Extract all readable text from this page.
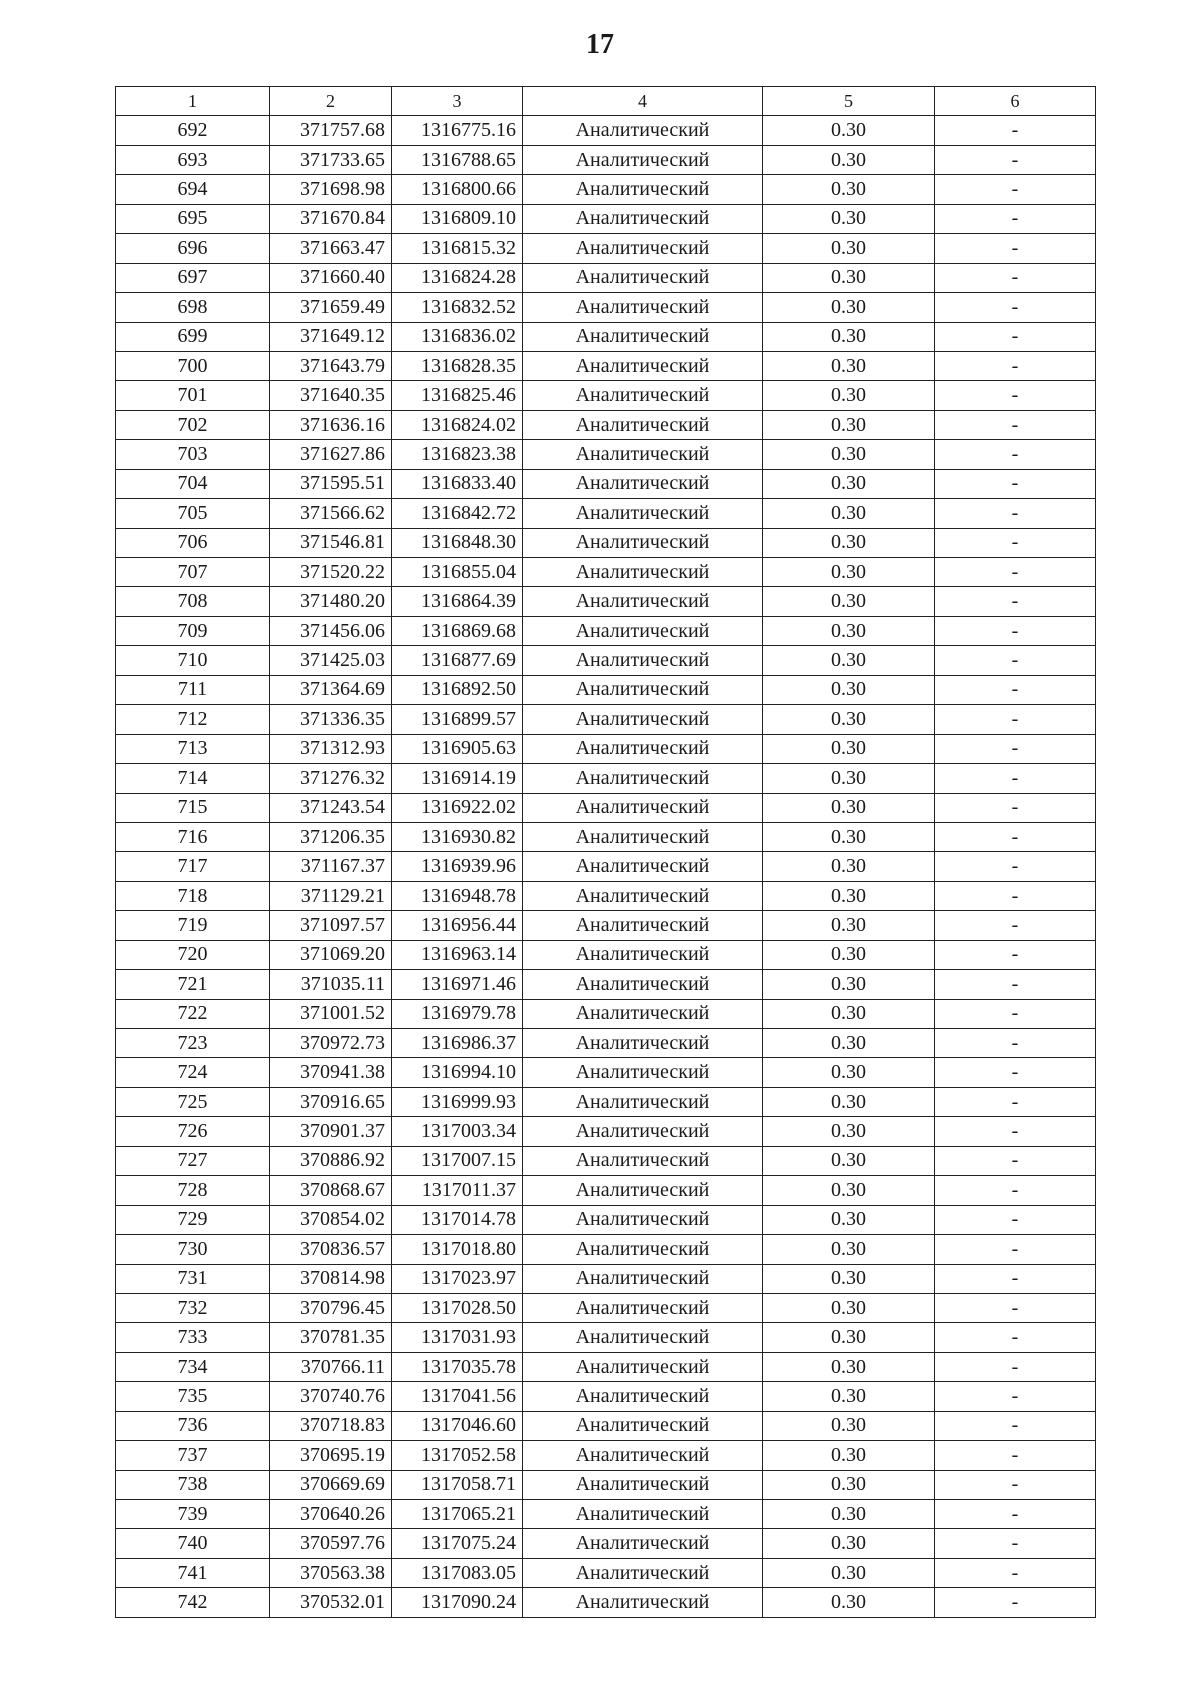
17
1	2	3	4	5	6
692	371757.68	1316775.16	Аналитический	0.30	-
693	371733.65	1316788.65	Аналитический	0.30	-
694	371698.98	1316800.66	Аналитический	0.30	-
695	371670.84	1316809.10	Аналитический	0.30	-
696	371663.47	1316815.32	Аналитический	0.30	-
697	371660.40	1316824.28	Аналитический	0.30	-
698	371659.49	1316832.52	Аналитический	0.30	-
699	371649.12	1316836.02	Аналитический	0.30	-
700	371643.79	1316828.35	Аналитический	0.30	-
701	371640.35	1316825.46	Аналитический	0.30	-
702	371636.16	1316824.02	Аналитический	0.30	-
703	371627.86	1316823.38	Аналитический	0.30	-
704	371595.51	1316833.40	Аналитический	0.30	-
705	371566.62	1316842.72	Аналитический	0.30	-
706	371546.81	1316848.30	Аналитический	0.30	-
707	371520.22	1316855.04	Аналитический	0.30	-
708	371480.20	1316864.39	Аналитический	0.30	-
709	371456.06	1316869.68	Аналитический	0.30	-
710	371425.03	1316877.69	Аналитический	0.30	-
711	371364.69	1316892.50	Аналитический	0.30	-
712	371336.35	1316899.57	Аналитический	0.30	-
713	371312.93	1316905.63	Аналитический	0.30	-
714	371276.32	1316914.19	Аналитический	0.30	-
715	371243.54	1316922.02	Аналитический	0.30	-
716	371206.35	1316930.82	Аналитический	0.30	-
717	371167.37	1316939.96	Аналитический	0.30	-
718	371129.21	1316948.78	Аналитический	0.30	-
719	371097.57	1316956.44	Аналитический	0.30	-
720	371069.20	1316963.14	Аналитический	0.30	-
721	371035.11	1316971.46	Аналитический	0.30	-
722	371001.52	1316979.78	Аналитический	0.30	-
723	370972.73	1316986.37	Аналитический	0.30	-
724	370941.38	1316994.10	Аналитический	0.30	-
725	370916.65	1316999.93	Аналитический	0.30	-
726	370901.37	1317003.34	Аналитический	0.30	-
727	370886.92	1317007.15	Аналитический	0.30	-
728	370868.67	1317011.37	Аналитический	0.30	-
729	370854.02	1317014.78	Аналитический	0.30	-
730	370836.57	1317018.80	Аналитический	0.30	-
731	370814.98	1317023.97	Аналитический	0.30	-
732	370796.45	1317028.50	Аналитический	0.30	-
733	370781.35	1317031.93	Аналитический	0.30	-
734	370766.11	1317035.78	Аналитический	0.30	-
735	370740.76	1317041.56	Аналитический	0.30	-
736	370718.83	1317046.60	Аналитический	0.30	-
737	370695.19	1317052.58	Аналитический	0.30	-
738	370669.69	1317058.71	Аналитический	0.30	-
739	370640.26	1317065.21	Аналитический	0.30	-
740	370597.76	1317075.24	Аналитический	0.30	-
741	370563.38	1317083.05	Аналитический	0.30	-
742	370532.01	1317090.24	Аналитический	0.30	-
